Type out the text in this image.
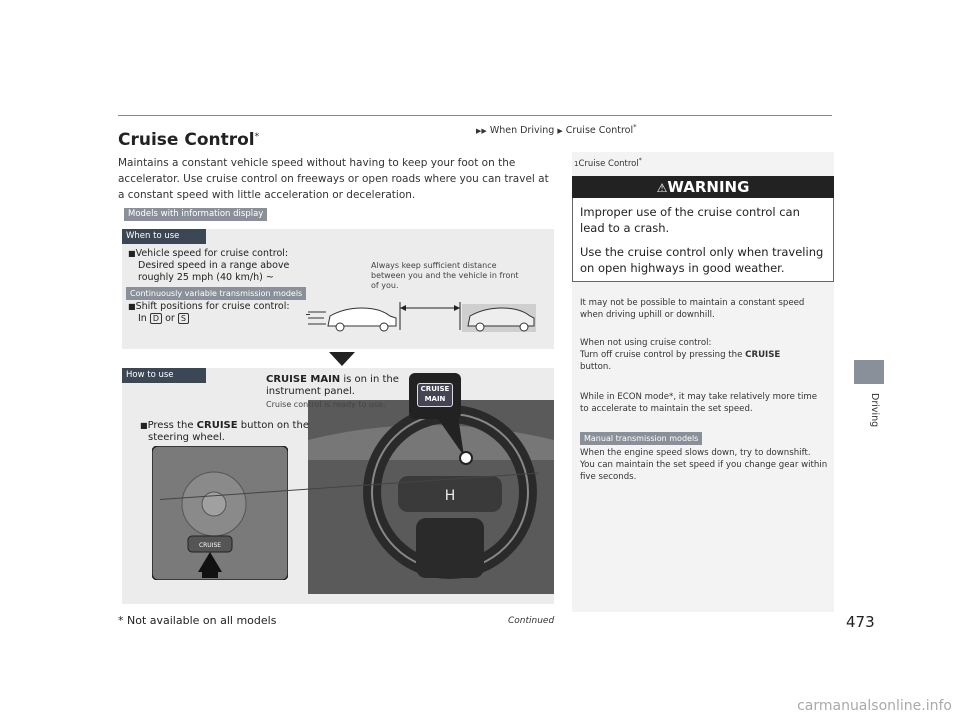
▶▶ When Driving ▶ Cruise Control*
Cruise Control*
Maintains a constant vehicle speed without having to keep your foot on the accelerator. Use cruise control on freeways or open roads where you can travel at a constant speed with little acceleration or deceleration.
Models with information display
When to use
■Vehicle speed for cruise control:
Desired speed in a range above
roughly 25 mph (40 km/h) ~
Continuously variable transmission models
■Shift positions for cruise control:
In D or S
Always keep sufficient distance between you and the vehicle in front of you.
How to use
H
CRUISE MAIN is on in the
instrument panel.
Cruise control is ready to use.
CRUISE
MAIN
■Press the CRUISE button on the
steering wheel.
CRUISE
Driving
1Cruise Control*
⚠WARNING
Improper use of the cruise control can lead to a crash.
Use the cruise control only when traveling on open highways in good weather.
It may not be possible to maintain a constant speed when driving uphill or downhill.
When not using cruise control:
Turn off cruise control by pressing the CRUISE
button.
While in ECON mode*, it may take relatively more time to accelerate to maintain the set speed.
Manual transmission models
When the engine speed slows down, try to downshift.
You can maintain the set speed if you change gear within five seconds.
* Not available on all models	Continued	473
carmanualsonline.info
